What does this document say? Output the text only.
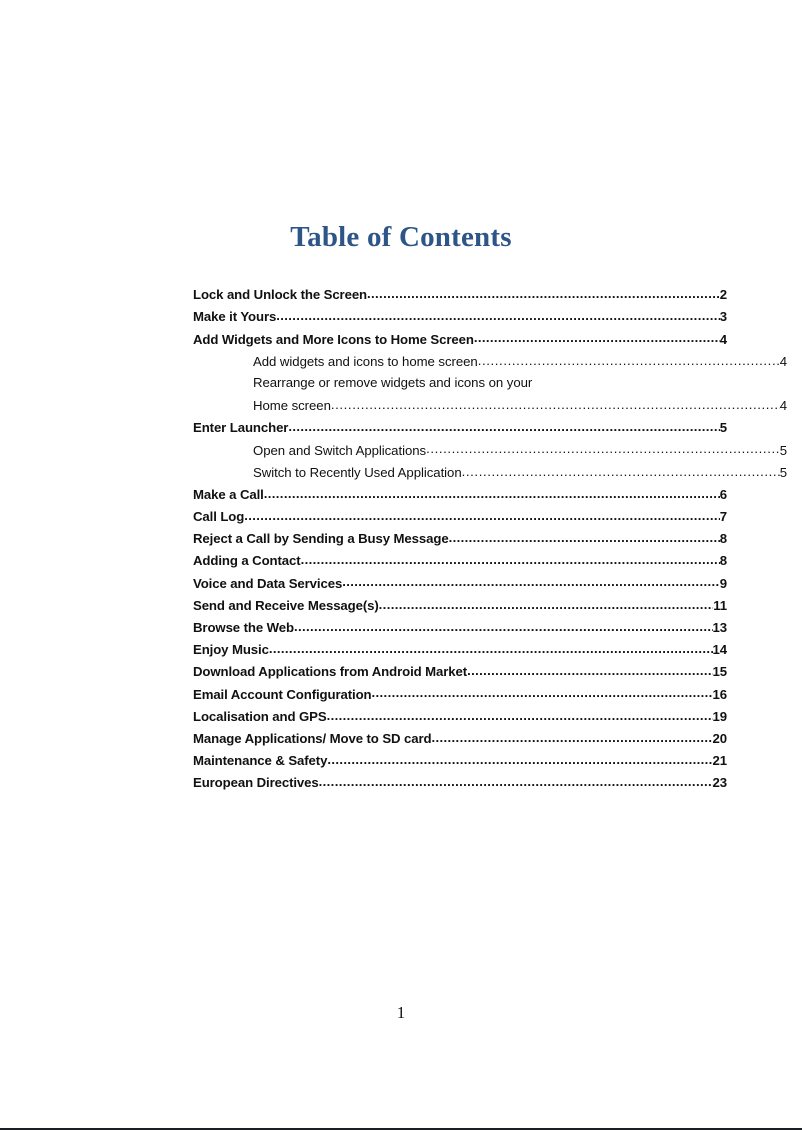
Table of Contents
Lock and Unlock the Screen .....	2
Make it Yours .....	3
Add Widgets and More Icons to Home Screen .....	4
Add widgets and icons to home screen .....	4
Rearrange or remove widgets and icons on your
Home screen .....	4
Enter Launcher .....	5
Open and Switch Applications .....	5
Switch to Recently Used Application .....	5
Make a Call .....	6
Call Log .....	7
Reject a Call by Sending a Busy Message .....	8
Adding a Contact .....	8
Voice and Data Services .....	9
Send and Receive Message(s) .....	11
Browse the Web .....	13
Enjoy Music .....	14
Download Applications from Android Market .....	15
Email Account Configuration .....	16
Localisation and GPS .....	19
Manage Applications/ Move to SD card .....	20
Maintenance & Safety .....	21
European Directives .....	23
1
